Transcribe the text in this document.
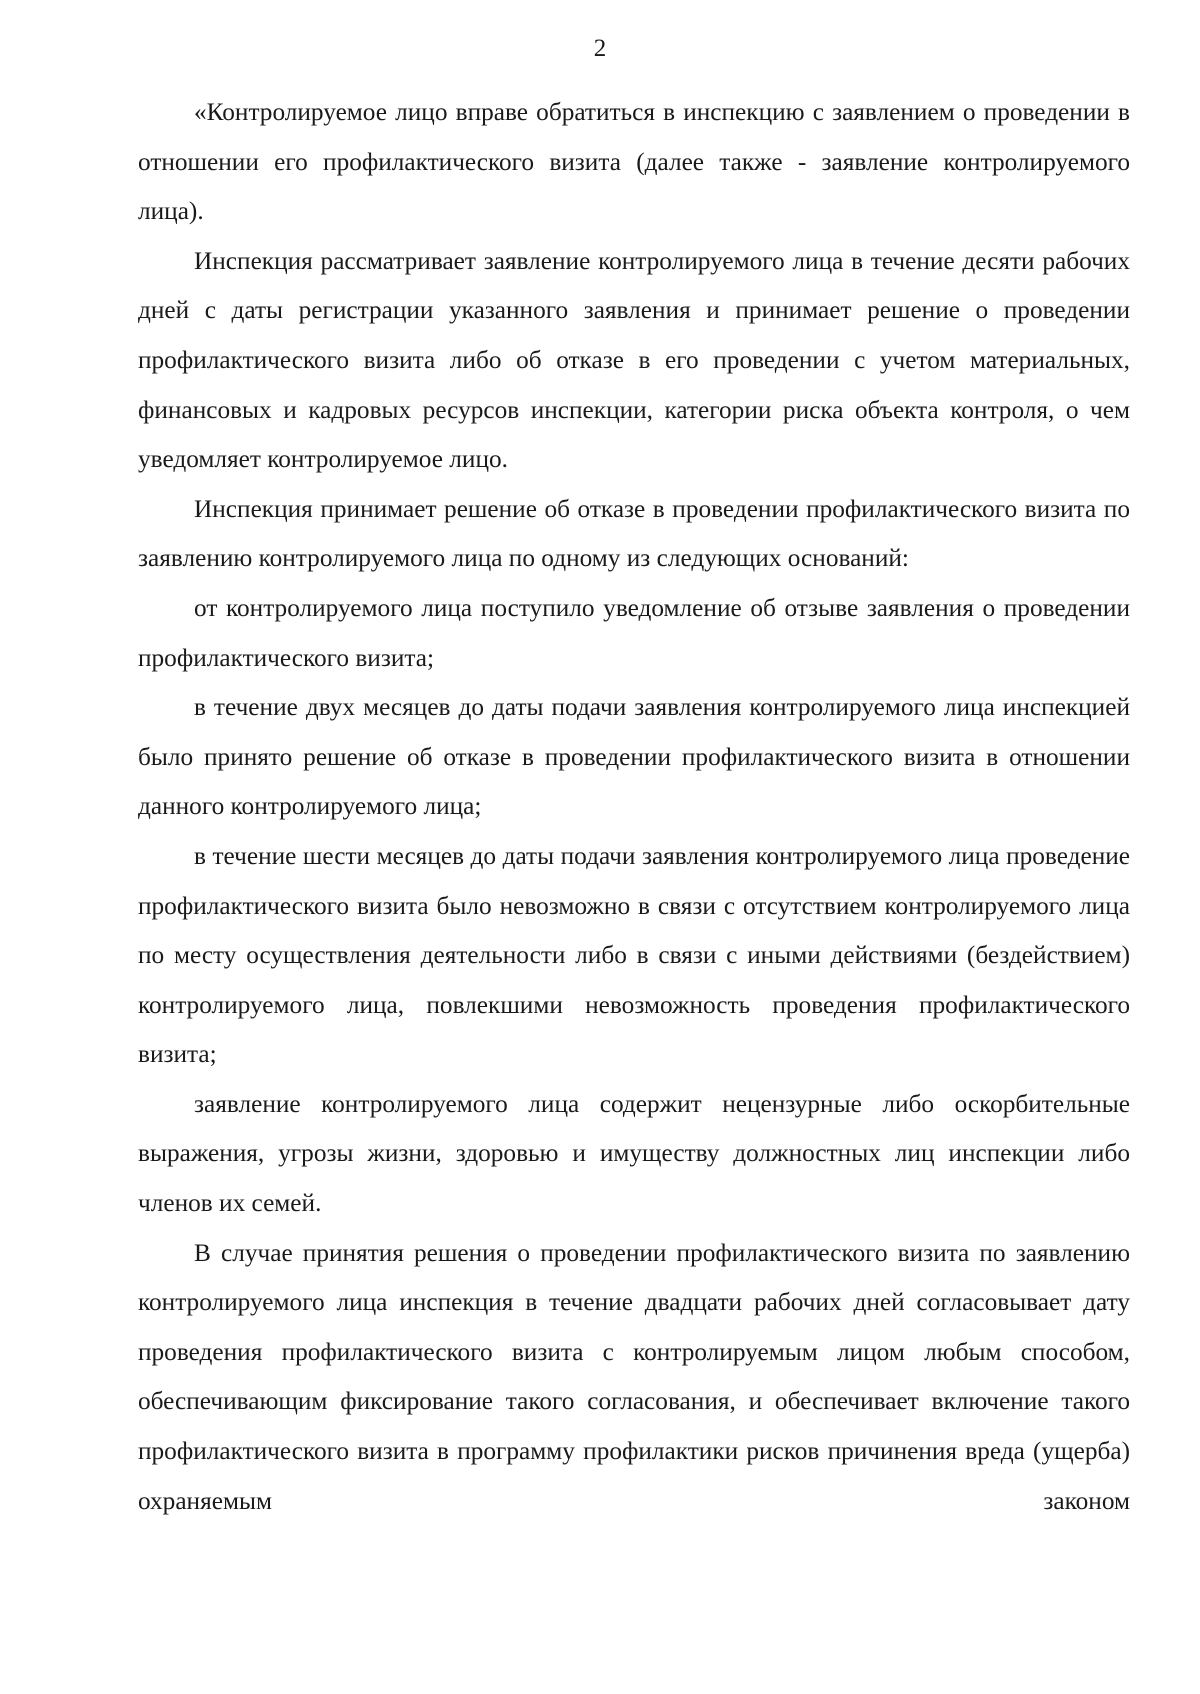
2

«Контролируемое лицо вправе обратиться в инспекцию с заявлением о проведении в отношении его профилактического визита (далее также - заявление контролируемого лица).

Инспекция рассматривает заявление контролируемого лица в течение десяти рабочих дней с даты регистрации указанного заявления и принимает решение о проведении профилактического визита либо об отказе в его проведении с учетом материальных, финансовых и кадровых ресурсов инспекции, категории риска объекта контроля, о чем уведомляет контролируемое лицо.

Инспекция принимает решение об отказе в проведении профилактического визита по заявлению контролируемого лица по одному из следующих оснований:

от контролируемого лица поступило уведомление об отзыве заявления о проведении профилактического визита;

в течение двух месяцев до даты подачи заявления контролируемого лица инспекцией было принято решение об отказе в проведении профилактического визита в отношении данного контролируемого лица;

в течение шести месяцев до даты подачи заявления контролируемого лица проведение профилактического визита было невозможно в связи с отсутствием контролируемого лица по месту осуществления деятельности либо в связи с иными действиями (бездействием) контролируемого лица, повлекшими невозможность проведения профилактического визита;

заявление контролируемого лица содержит нецензурные либо оскорбительные выражения, угрозы жизни, здоровью и имуществу должностных лиц инспекции либо членов их семей.

В случае принятия решения о проведении профилактического визита по заявлению контролируемого лица инспекция в течение двадцати рабочих дней согласовывает дату проведения профилактического визита с контролируемым лицом любым способом, обеспечивающим фиксирование такого согласования, и обеспечивает включение такого профилактического визита в программу профилактики рисков причинения вреда (ущерба) охраняемым законом
